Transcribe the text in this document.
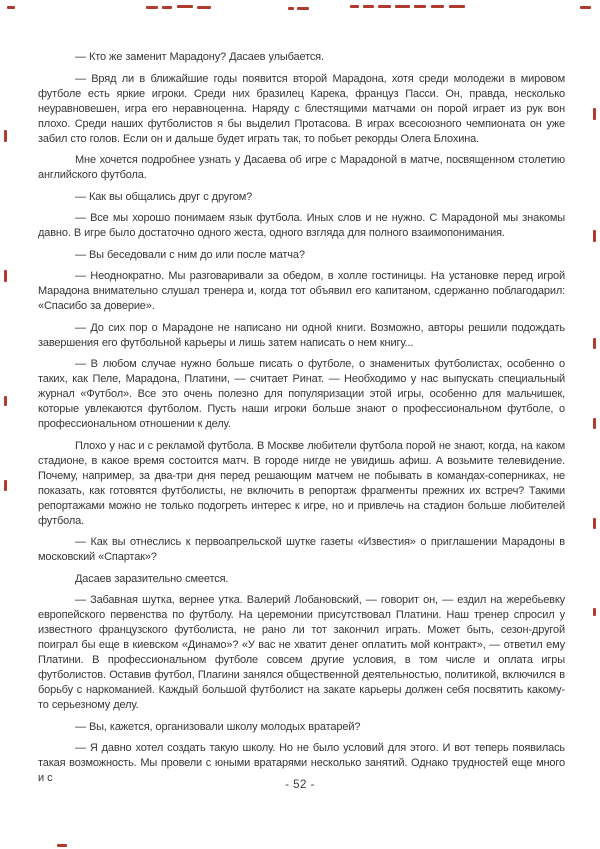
— Кто же заменит Марадону? Дасаев улыбается.

— Вряд ли в ближайшие годы появится второй Марадона, хотя среди молодежи в мировом футболе есть яркие игроки. Среди них бразилец Карека, француз Пасси. Он, правда, несколько неуравновешен, игра его неравноценна. Наряду с блестящими матчами он порой играет из рук вон плохо. Среди наших футболистов я бы выделил Протасова. В играх всесоюзного чемпионата он уже забил сто голов. Если он и дальше будет играть так, то побьет рекорды Олега Блохина.

Мне хочется подробнее узнать у Дасаева об игре с Марадоной в матче, посвященном столетию английского футбола.

— Как вы общались друг с другом?

— Все мы хорошо понимаем язык футбола. Иных слов и не нужно. С Марадоной мы знакомы давно. В игре было достаточно одного жеста, одного взгляда для полного взаимопонимания.

— Вы беседовали с ним до или после матча?

— Неоднократно. Мы разговаривали за обедом, в холле гостиницы. На установке перед игрой Марадона внимательно слушал тренера и, когда тот объявил его капитаном, сдержанно поблагодарил: «Спасибо за доверие».

— До сих пор о Марадоне не написано ни одной книги. Возможно, авторы решили подождать завершения его футбольной карьеры и лишь затем написать о нем книгу...

— В любом случае нужно больше писать о футболе, о знаменитых футболистах, особенно о таких, как Пеле, Марадона, Платини, — считает Ринат. — Необходимо у нас выпускать специальный журнал «Футбол». Все это очень полезно для популяризации этой игры, особенно для мальчишек, которые увлекаются футболом. Пусть наши игроки больше знают о профессиональном футболе, о профессиональном отношении к делу.

Плохо у нас и с рекламой футбола. В Москве любители футбола порой не знают, когда, на каком стадионе, в какое время состоится матч. В городе нигде не увидишь афиш. А возьмите телевидение. Почему, например, за два-три дня перед решающим матчем не побывать в командах-соперниках, не показать, как готовятся футболисты, не включить в репортаж фрагменты прежних их встреч? Такими репортажами можно не только подогреть интерес к игре, но и привлечь на стадион больше любителей футбола.

— Как вы отнеслись к первоапрельской шутке газеты «Известия» о приглашении Марадоны в московский «Спартак»?

Дасаев заразительно смеется.

— Забавная шутка, вернее утка. Валерий Лобановский, — говорит он, — ездил на жеребьевку европейского первенства по футболу. На церемонии присутствовал Платини. Наш тренер спросил у известного французского футболиста, не рано ли тот закончил играть. Может быть, сезон-другой поиграл бы еще в киевском «Динамо»? «У вас не хватит денег оплатить мой контракт», — ответил ему Платини. В профессиональном футболе совсем другие условия, в том числе и оплата игры футболистов. Оставив футбол, Плагини занялся общественной деятельностью, политикой, включился в борьбу с наркоманией. Каждый большой футболист на закате карьеры должен себя посвятить какому-то серьезному делу.

— Вы, кажется, организовали школу молодых вратарей?

— Я давно хотел создать такую школу. Но не было условий для этого. И вот теперь появилась такая возможность. Мы провели с юными вратарями несколько занятий. Однако трудностей еще много и с

- 52 -
